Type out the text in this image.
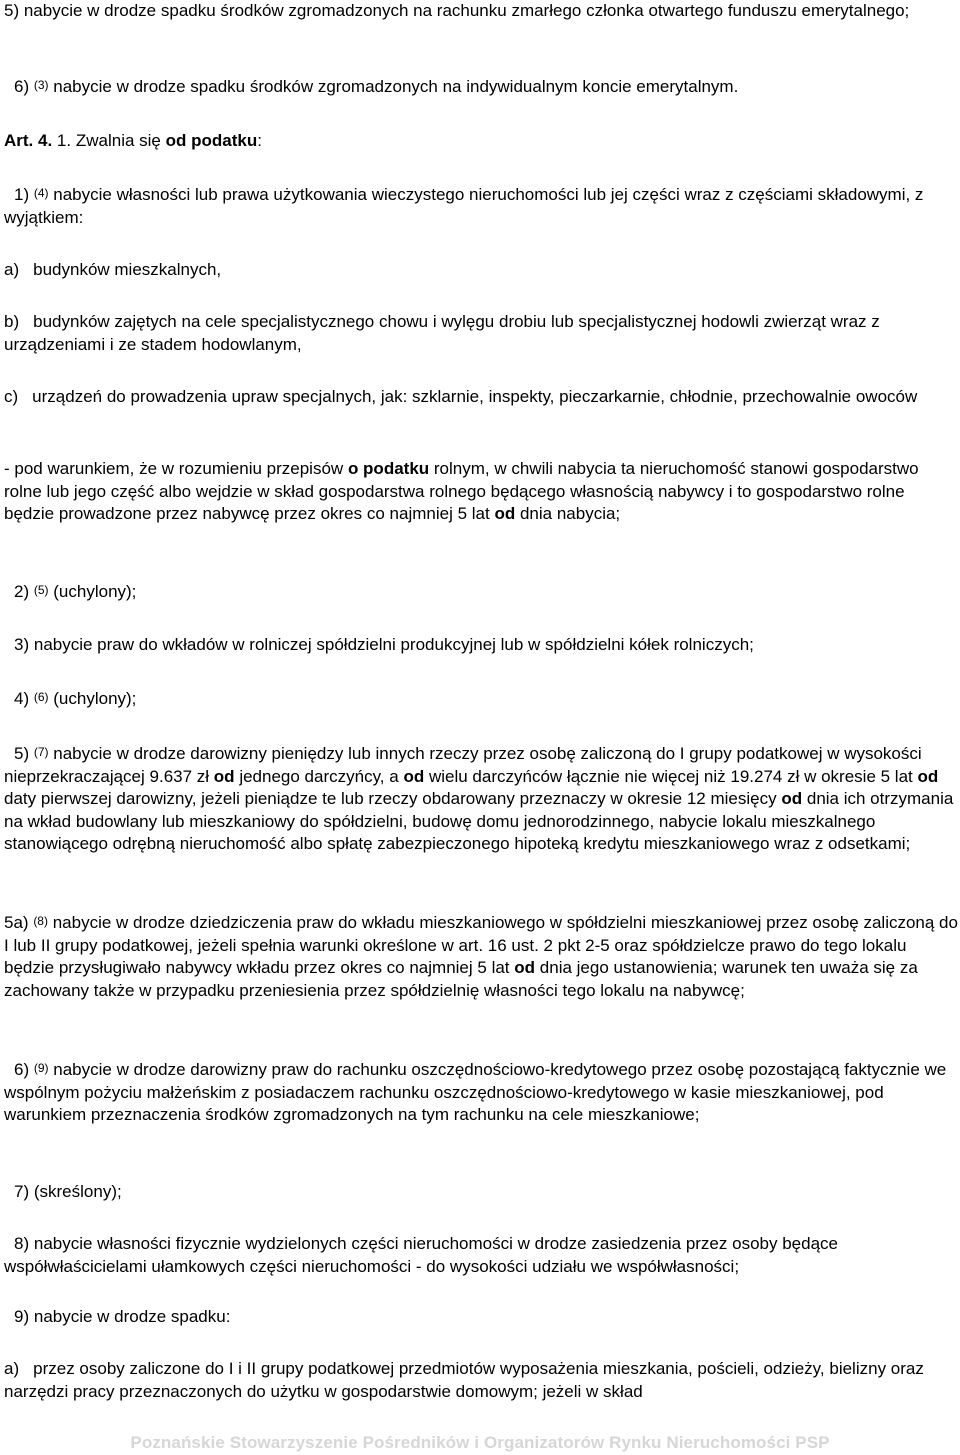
5) nabycie w drodze spadku środków zgromadzonych na rachunku zmarłego członka otwartego funduszu emerytalnego;

6) $^{(3)}$ nabycie w drodze spadku środków zgromadzonych na indywidualnym koncie emerytalnym.

Art. 4. 1. Zwalnia się od podatku:

1) $^{(4)}$ nabycie własności lub prawa użytkowania wieczystego nieruchomości lub jej części wraz z częściami składowymi, z wyjątkiem:

a) budynków mieszkalnych,

b) budynków zajętych na cele specjalistycznego chowu i wylęgu drobiu lub specjalistycznej hodowli zwierząt wraz z urządzeniami i ze stadem hodowlanym,

c) urządzeń do prowadzenia upraw specjalnych, jak: szklarnie, inspekty, pieczarkarnie, chłodnie, przechowalnie owoców

- pod warunkiem, że w rozumieniu przepisów o podatku rolnym, w chwili nabycia ta nieruchomość stanowi gospodarstwo rolne lub jego część albo wejdzie w skład gospodarstwa rolnego będącego własnością nabywcy i to gospodarstwo rolne będzie prowadzone przez nabywcę przez okres co najmniej 5 lat od dnia nabycia;

2) $^{(5)}$ (uchylony);

3) nabycie praw do wkładów w rolniczej spółdzielni produkcyjnej lub w spółdzielni kółek rolniczych;

4) $^{(6)}$ (uchylony);

5) $^{(7)}$ nabycie w drodze darowizny pieniędzy lub innych rzeczy przez osobę zaliczoną do I grupy podatkowej w wysokości nieprzekraczającej 9.637 zł od jednego darczyńcy, a od wielu darczyńców łącznie nie więcej niż 19.274 zł w okresie 5 lat od daty pierwszej darowizny, jeżeli pieniądze te lub rzeczy obdarowany przeznaczy w okresie 12 miesięcy od dnia ich otrzymania na wkład budowlany lub mieszkaniowy do spółdzielni, budowę domu jednorodzinnego, nabycie lokalu mieszkalnego stanowiącego odrębną nieruchomość albo spłatę zabezpieczonego hipoteką kredytu mieszkaniowego wraz z odsetkami;

5a) $^{(8)}$ nabycie w drodze dziedziczenia praw do wkładu mieszkaniowego w spółdzielni mieszkaniowej przez osobę zaliczoną do I lub II grupy podatkowej, jeżeli spełnia warunki określone w art. 16 ust. 2 pkt 2-5 oraz spółdzielcze prawo do tego lokalu będzie przysługiwało nabywcy wkładu przez okres co najmniej 5 lat od dnia jego ustanowienia; warunek ten uważa się za zachowany także w przypadku przeniesienia przez spółdzielnię własności tego lokalu na nabywcę;

6) $^{(9)}$ nabycie w drodze darowizny praw do rachunku oszczędnościowo-kredytowego przez osobę pozostającą faktycznie we wspólnym pożyciu małżeńskim z posiadaczem rachunku oszczędnościowo-kredytowego w kasie mieszkaniowej, pod warunkiem przeznaczenia środków zgromadzonych na tym rachunku na cele mieszkaniowe;

7) (skreślony);

8) nabycie własności fizycznie wydzielonych części nieruchomości w drodze zasiedzenia przez osoby będące współwłaścicielami ułamkowych części nieruchomości - do wysokości udziału we współwłasności;

9) nabycie w drodze spadku:

a) przez osoby zaliczone do I i II grupy podatkowej przedmiotów wyposażenia mieszkania, pościeli, odzieży, bielizny oraz narzędzi pracy przeznaczonych do użytku w gospodarstwie domowym; jeżeli w skład

Poznańskie Stowarzyszenie Pośredników i Organizatorów Rynku Nieruchomości PSP
